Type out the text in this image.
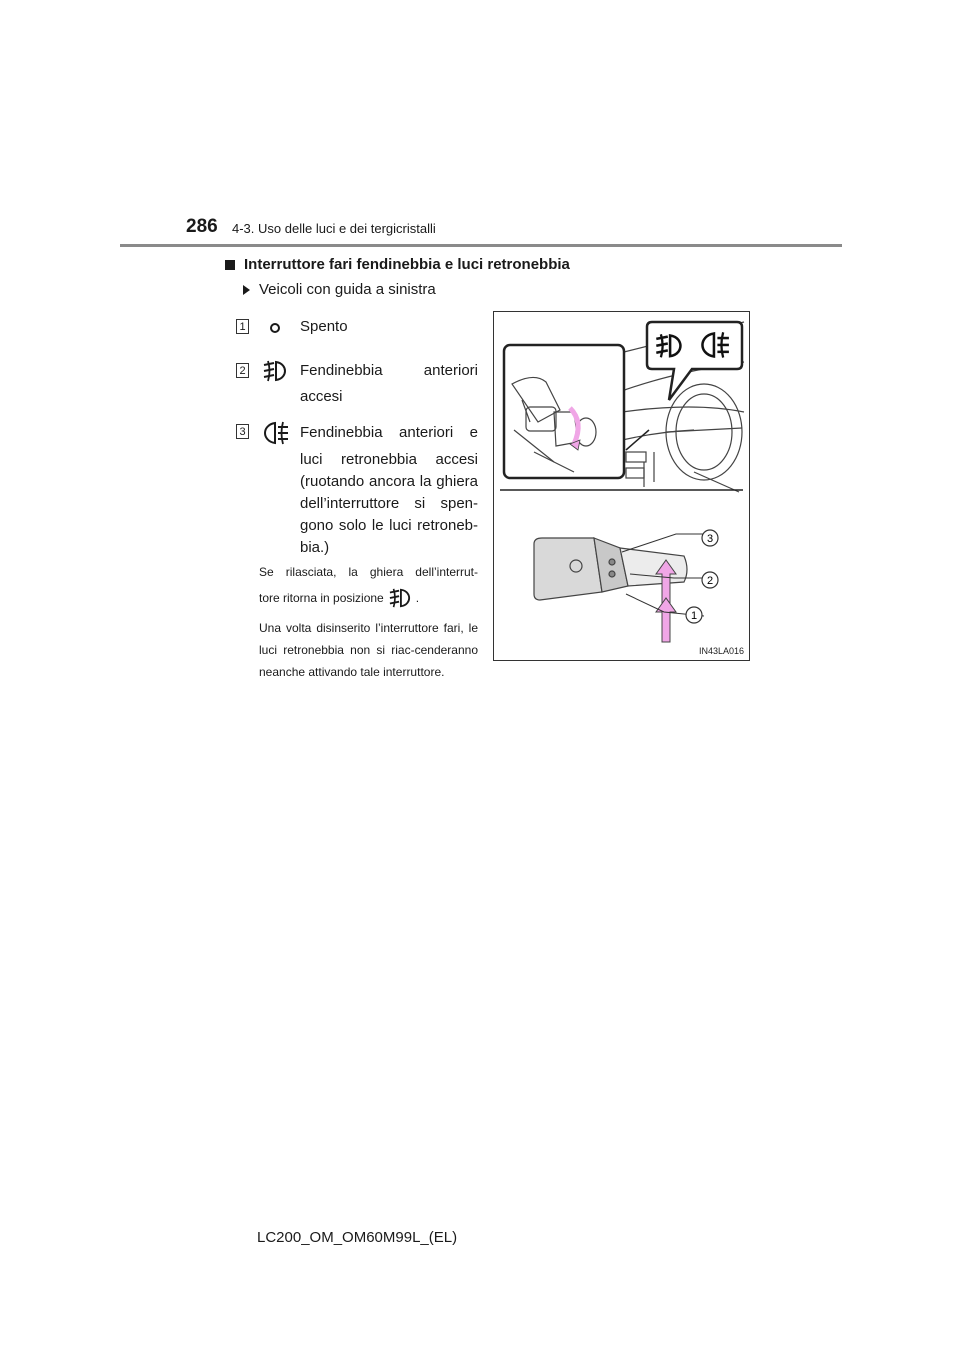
286 4-3. Uso delle luci e dei tergicristalli
Interruttore fari fendinebbia e luci retronebbia
Veicoli con guida a sinistra
1	Spento
2	Fendinebbia anteriori
accesi
3	Fendinebbia anteriori e
luci retronebbia accesi (ruotando ancora la ghiera dell’interruttore si spen-gono solo le luci retroneb-bia.)
Se rilasciata, la ghiera dell’interrut-
tore ritorna in posizione	.
Una volta disinserito l’interruttore fari, le luci retronebbia non si riac-cenderanno neanche attivando tale interruttore.
3
2
1
IN43LA016
LC200_OM_OM60M99L_(EL)
